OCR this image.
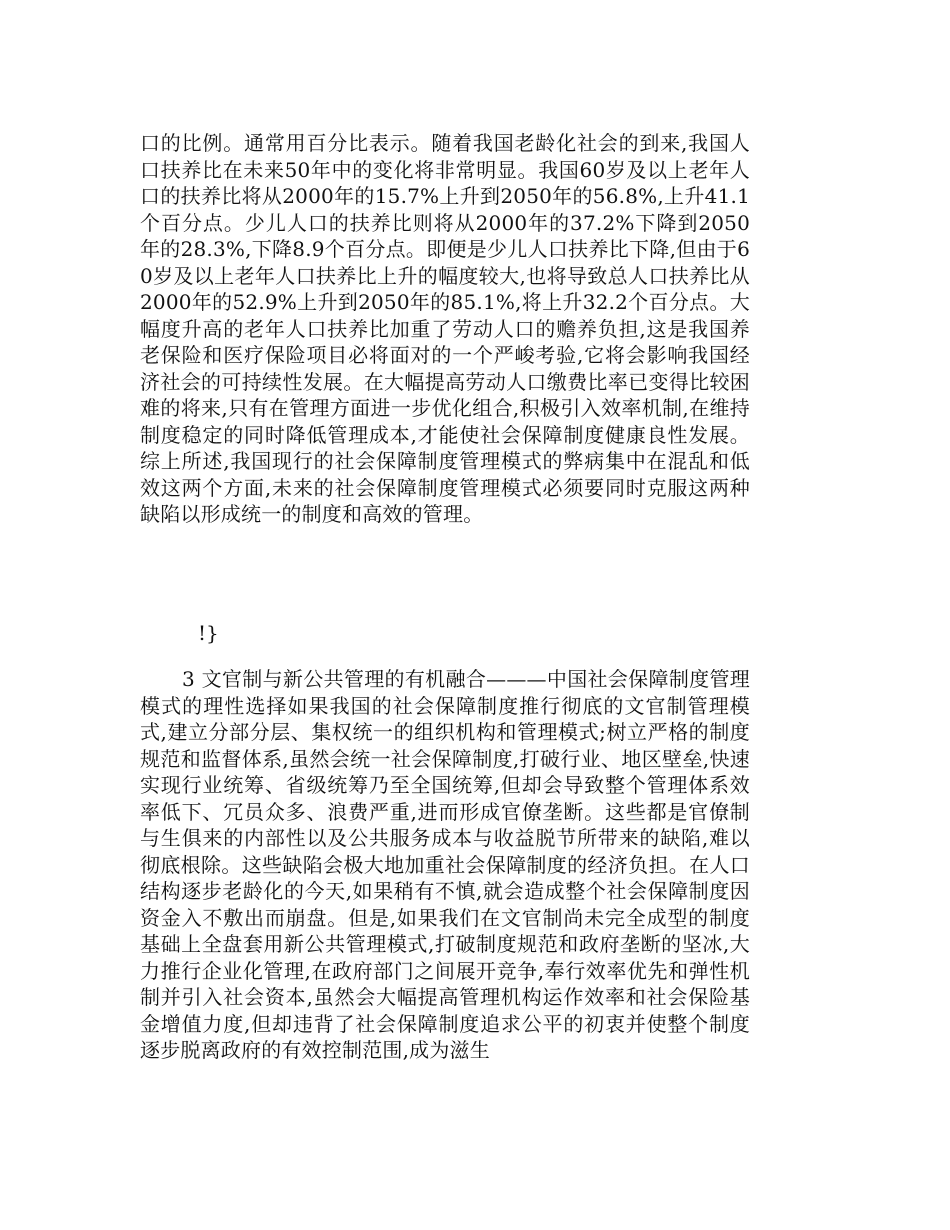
口的比例。通常用百分比表示。随着我国老龄化社会的到来,我国人口扶养比在未来50年中的变化将非常明显。我国60岁及以上老年人口的扶养比将从2000年的15.7%上升到2050年的56.8%,上升41.1个百分点。少儿人口的扶养比则将从2000年的37.2%下降到2050年的28.3%,下降8.9个百分点。即便是少儿人口扶养比下降,但由于60岁及以上老年人口扶养比上升的幅度较大,也将导致总人口扶养比从2000年的52.9%上升到2050年的85.1%,将上升32.2个百分点。大幅度升高的老年人口扶养比加重了劳动人口的赡养负担,这是我国养老保险和医疗保险项目必将面对的一个严峻考验,它将会影响我国经济社会的可持续性发展。在大幅提高劳动人口缴费比率已变得比较困难的将来,只有在管理方面进一步优化组合,积极引入效率机制,在维持制度稳定的同时降低管理成本,才能使社会保障制度健康良性发展。综上所述,我国现行的社会保障制度管理模式的弊病集中在混乱和低效这两个方面,未来的社会保障制度管理模式必须要同时克服这两种缺陷以形成统一的制度和高效的管理。

!}

3 文官制与新公共管理的有机融合———中国社会保障制度管理模式的理性选择如果我国的社会保障制度推行彻底的文官制管理模式,建立分部分层、集权统一的组织机构和管理模式;树立严格的制度规范和监督体系,虽然会统一社会保障制度,打破行业、地区壁垒,快速实现行业统筹、省级统筹乃至全国统筹,但却会导致整个管理体系效率低下、冗员众多、浪费严重,进而形成官僚垄断。这些都是官僚制与生俱来的内部性以及公共服务成本与收益脱节所带来的缺陷,难以彻底根除。这些缺陷会极大地加重社会保障制度的经济负担。在人口结构逐步老龄化的今天,如果稍有不慎,就会造成整个社会保障制度因资金入不敷出而崩盘。但是,如果我们在文官制尚未完全成型的制度基础上全盘套用新公共管理模式,打破制度规范和政府垄断的坚冰,大力推行企业化管理,在政府部门之间展开竞争,奉行效率优先和弹性机制并引入社会资本,虽然会大幅提高管理机构运作效率和社会保险基金增值力度,但却违背了社会保障制度追求公平的初衷并使整个制度逐步脱离政府的有效控制范围,成为滋生
